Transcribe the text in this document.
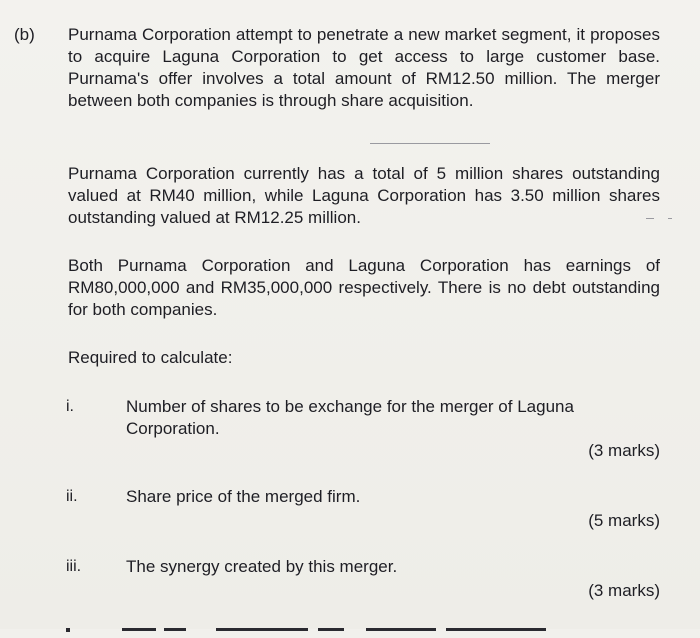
(b) Purnama Corporation attempt to penetrate a new market segment, it proposes to acquire Laguna Corporation to get access to large customer base. Purnama's offer involves a total amount of RM12.50 million. The merger between both companies is through share acquisition.
Purnama Corporation currently has a total of 5 million shares outstanding valued at RM40 million, while Laguna Corporation has 3.50 million shares outstanding valued at RM12.25 million.
Both Purnama Corporation and Laguna Corporation has earnings of RM80,000,000 and RM35,000,000 respectively. There is no debt outstanding for both companies.
Required to calculate:
i.	Number of shares to be exchange for the merger of Laguna Corporation.
(3 marks)
ii.	Share price of the merged firm.
(5 marks)
iii.	The synergy created by this merger.
(3 marks)
